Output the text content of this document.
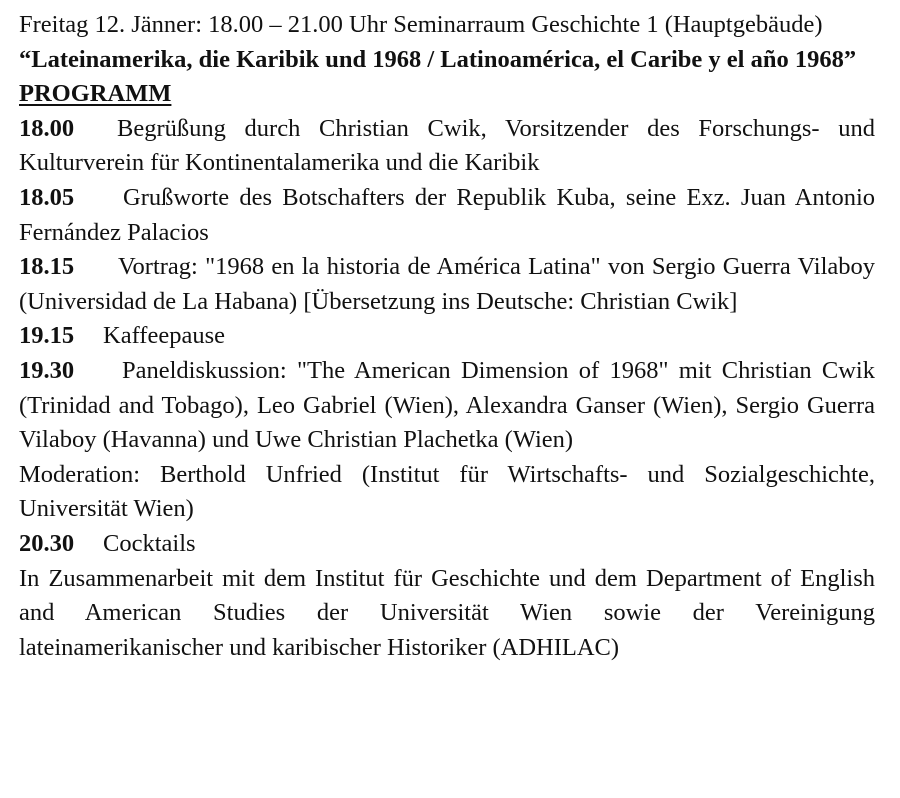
Freitag 12. Jänner: 18.00 – 21.00 Uhr Seminarraum Geschichte 1 (Hauptgebäude)

“Lateinamerika, die Karibik und 1968 / Latinoamérica, el Caribe y el año 1968”

PROGRAMM

18.00 Begrüßung durch Christian Cwik, Vorsitzender des Forschungs- und Kulturverein für Kontinentalamerika und die Karibik

18.05 Grußworte des Botschafters der Republik Kuba, seine Exz. Juan Antonio Fernández Palacios

18.15 Vortrag: "1968 en la historia de América Latina" von Sergio Guerra Vilaboy (Universidad de La Habana) [Übersetzung ins Deutsche: Christian Cwik]

19.15 Kaffeepause

19.30 Paneldiskussion: "The American Dimension of 1968" mit Christian Cwik (Trinidad and Tobago), Leo Gabriel (Wien), Alexandra Ganser (Wien), Sergio Guerra Vilaboy (Havanna) und Uwe Christian Plachetka (Wien)

Moderation: Berthold Unfried (Institut für Wirtschafts- und Sozialgeschichte, Universität Wien)

20.30 Cocktails

In Zusammenarbeit mit dem Institut für Geschichte und dem Department of English and American Studies der Universität Wien sowie der Vereinigung lateinamerikanischer und karibischer Historiker (ADHILAC)
